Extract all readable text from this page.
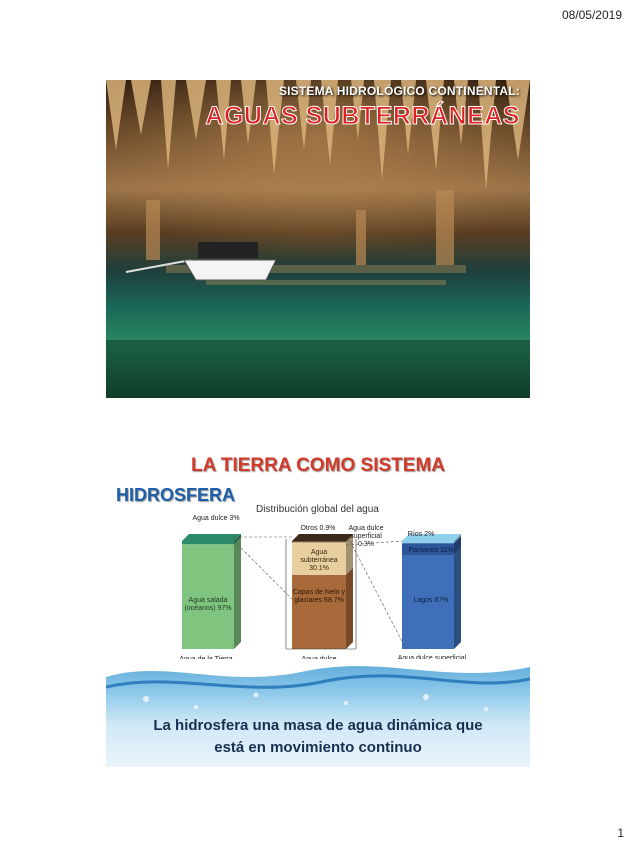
08/05/2019
SISTEMA HIDROLÓGICO CONTINENTAL:
AGUAS SUBTERRÁNEAS
LA TIERRA COMO SISTEMA
HIDROSFERA
Distribución global del agua
Agua dulce 3%
Agua salada (océanos) 97%
Otros 0.9%	Agua dulce superficial 0.3%
Agua subterránea 30.1%
Capas de hielo y glaciares 68.7%
Ríos 2%
Pantanos 11%
Lagos 87%
La hidrosfera una masa de agua dinámica que
está en movimiento continuo
1
